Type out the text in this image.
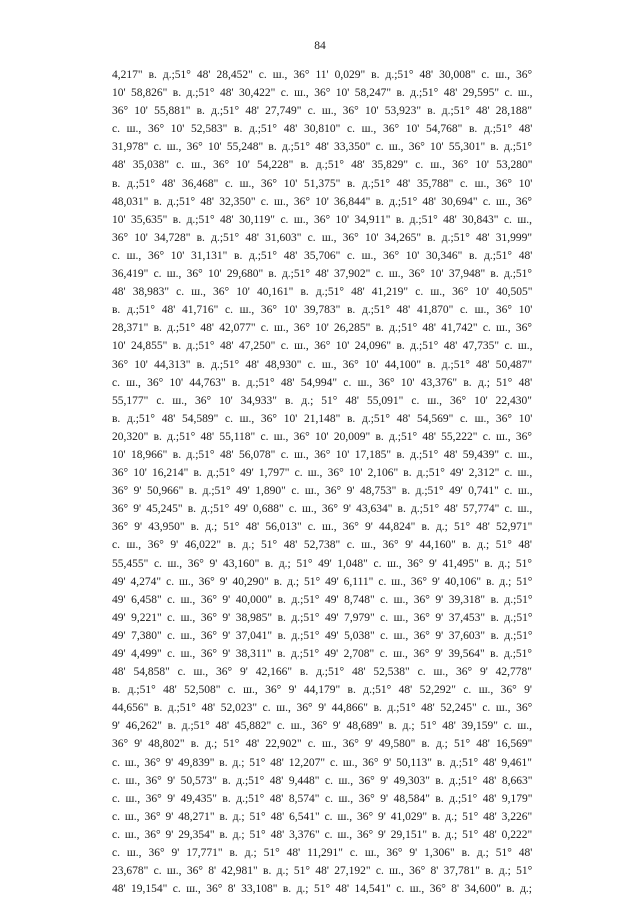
84
4,217" в. д.;51° 48' 28,452" с. ш., 36° 11' 0,029" в. д.;51° 48' 30,008" с. ш., 36°
10' 58,826" в. д.;51° 48' 30,422" с. ш., 36° 10' 58,247" в. д.;51° 48' 29,595" с. ш.,
36° 10' 55,881" в. д.;51° 48' 27,749" с. ш., 36° 10' 53,923" в. д.;51° 48' 28,188"
с. ш., 36° 10' 52,583" в. д.;51° 48' 30,810" с. ш., 36° 10' 54,768" в. д.;51° 48'
31,978" с. ш., 36° 10' 55,248" в. д.;51° 48' 33,350" с. ш., 36° 10' 55,301" в. д.;51°
48' 35,038" с. ш., 36° 10' 54,228" в. д.;51° 48' 35,829" с. ш., 36° 10' 53,280"
в. д.;51° 48' 36,468" с. ш., 36° 10' 51,375" в. д.;51° 48' 35,788" с. ш., 36° 10'
48,031" в. д.;51° 48' 32,350" с. ш., 36° 10' 36,844" в. д.;51° 48' 30,694" с. ш., 36°
10' 35,635" в. д.;51° 48' 30,119" с. ш., 36° 10' 34,911" в. д.;51° 48' 30,843" с. ш.,
36° 10' 34,728" в. д.;51° 48' 31,603" с. ш., 36° 10' 34,265" в. д.;51° 48' 31,999"
с. ш., 36° 10' 31,131" в. д.;51° 48' 35,706" с. ш., 36° 10' 30,346" в. д.;51° 48'
36,419" с. ш., 36° 10' 29,680" в. д.;51° 48' 37,902" с. ш., 36° 10' 37,948" в. д.;51°
48' 38,983" с. ш., 36° 10' 40,161" в. д.;51° 48' 41,219" с. ш., 36° 10' 40,505"
в. д.;51° 48' 41,716" с. ш., 36° 10' 39,783" в. д.;51° 48' 41,870" с. ш., 36° 10'
28,371" в. д.;51° 48' 42,077" с. ш., 36° 10' 26,285" в. д.;51° 48' 41,742" с. ш., 36°
10' 24,855" в. д.;51° 48' 47,250" с. ш., 36° 10' 24,096" в. д.;51° 48' 47,735" с. ш.,
36° 10' 44,313" в. д.;51° 48' 48,930" с. ш., 36° 10' 44,100" в. д.;51° 48' 50,487"
с. ш., 36° 10' 44,763" в. д.;51° 48' 54,994" с. ш., 36° 10' 43,376" в. д.; 51° 48'
55,177" с. ш., 36° 10' 34,933" в. д.; 51° 48' 55,091" с. ш., 36° 10' 22,430"
в. д.;51° 48' 54,589" с. ш., 36° 10' 21,148" в. д.;51° 48' 54,569" с. ш., 36° 10'
20,320" в. д.;51° 48' 55,118" с. ш., 36° 10' 20,009" в. д.;51° 48' 55,222" с. ш., 36°
10' 18,966" в. д.;51° 48' 56,078" с. ш., 36° 10' 17,185" в. д.;51° 48' 59,439" с. ш.,
36° 10' 16,214" в. д.;51° 49' 1,797" с. ш., 36° 10' 2,106" в. д.;51° 49' 2,312" с. ш.,
36° 9' 50,966" в. д.;51° 49' 1,890" с. ш., 36° 9' 48,753" в. д.;51° 49' 0,741" с. ш.,
36° 9' 45,245" в. д.;51° 49' 0,688" с. ш., 36° 9' 43,634" в. д.;51° 48' 57,774" с. ш.,
36° 9' 43,950" в. д.; 51° 48' 56,013" с. ш., 36° 9' 44,824" в. д.; 51° 48' 52,971"
с. ш., 36° 9' 46,022" в. д.; 51° 48' 52,738" с. ш., 36° 9' 44,160" в. д.; 51° 48'
55,455" с. ш., 36° 9' 43,160" в. д.; 51° 49' 1,048" с. ш., 36° 9' 41,495" в. д.; 51°
49' 4,274" с. ш., 36° 9' 40,290" в. д.; 51° 49' 6,111" с. ш., 36° 9' 40,106" в. д.; 51°
49' 6,458" с. ш., 36° 9' 40,000" в. д.;51° 49' 8,748" с. ш., 36° 9' 39,318" в. д.;51°
49' 9,221" с. ш., 36° 9' 38,985" в. д.;51° 49' 7,979" с. ш., 36° 9' 37,453" в. д.;51°
49' 7,380" с. ш., 36° 9' 37,041" в. д.;51° 49' 5,038" с. ш., 36° 9' 37,603" в. д.;51°
49' 4,499" с. ш., 36° 9' 38,311" в. д.;51° 49' 2,708" с. ш., 36° 9' 39,564" в. д.;51°
48' 54,858" с. ш., 36° 9' 42,166" в. д.;51° 48' 52,538" с. ш., 36° 9' 42,778"
в. д.;51° 48' 52,508" с. ш., 36° 9' 44,179" в. д.;51° 48' 52,292" с. ш., 36° 9'
44,656" в. д.;51° 48' 52,023" с. ш., 36° 9' 44,866" в. д.;51° 48' 52,245" с. ш., 36°
9' 46,262" в. д.;51° 48' 45,882" с. ш., 36° 9' 48,689" в. д.; 51° 48' 39,159" с. ш.,
36° 9' 48,802" в. д.; 51° 48' 22,902" с. ш., 36° 9' 49,580" в. д.; 51° 48' 16,569"
с. ш., 36° 9' 49,839" в. д.; 51° 48' 12,207" с. ш., 36° 9' 50,113" в. д.;51° 48' 9,461"
с. ш., 36° 9' 50,573" в. д.;51° 48' 9,448" с. ш., 36° 9' 49,303" в. д.;51° 48' 8,663"
с. ш., 36° 9' 49,435" в. д.;51° 48' 8,574" с. ш., 36° 9' 48,584" в. д.;51° 48' 9,179"
с. ш., 36° 9' 48,271" в. д.; 51° 48' 6,541" с. ш., 36° 9' 41,029" в. д.; 51° 48' 3,226"
с. ш., 36° 9' 29,354" в. д.; 51° 48' 3,376" с. ш., 36° 9' 29,151" в. д.; 51° 48' 0,222"
с. ш., 36° 9' 17,771" в. д.; 51° 48' 11,291" с. ш., 36° 9' 1,306" в. д.; 51° 48'
23,678" с. ш., 36° 8' 42,981" в. д.; 51° 48' 27,192" с. ш., 36° 8' 37,781" в. д.; 51°
48' 19,154" с. ш., 36° 8' 33,108" в. д.; 51° 48' 14,541" с. ш., 36° 8' 34,600" в. д.;
